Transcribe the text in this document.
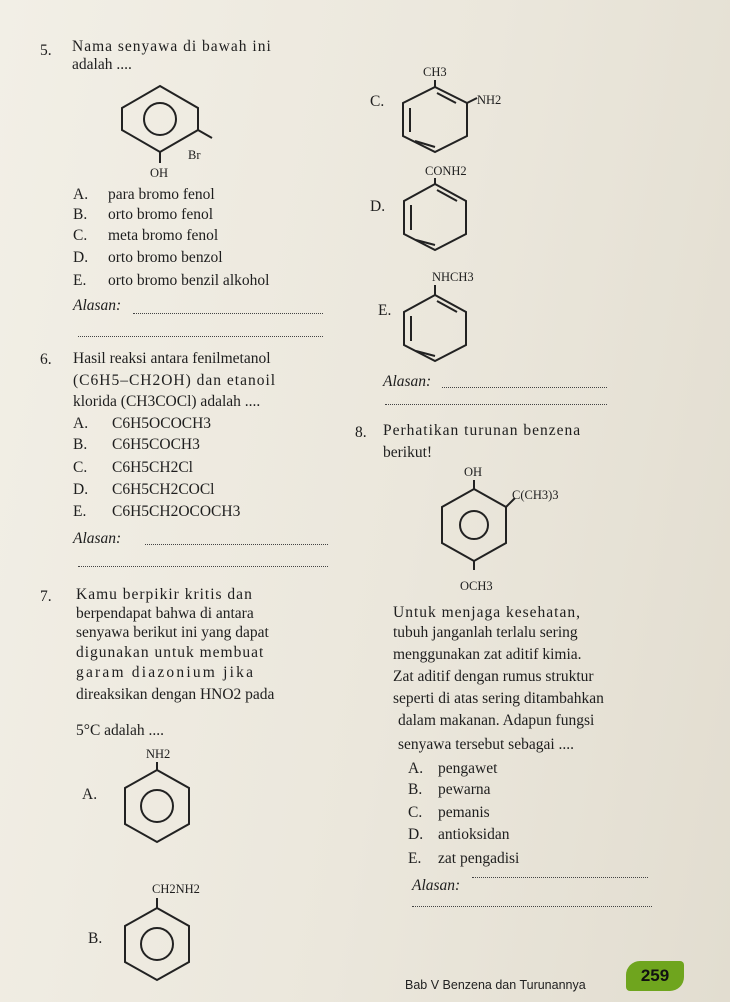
5. Nama senyawa di bawah ini
adalah ....
Br
OH
A. para bromo fenol
B. orto bromo fenol
C. meta bromo fenol
D. orto bromo benzol
E. orto bromo benzil alkohol
Alasan:
C.
CH3
NH2
D.
CONH2
E.
NHCH3
6. Hasil reaksi antara fenilmetanol
(C6H5–CH2OH) dan etanoil
klorida (CH3COCl) adalah ....
A. C6H5OCOCH3
B. C6H5COCH3
C. C6H5CH2Cl
D. C6H5CH2COCl
E. C6H5CH2OCOCH3
Alasan:
Alasan:
7. Kamu berpikir kritis dan
berpendapat bahwa di antara
senyawa berikut ini yang dapat
digunakan untuk membuat
garam diazonium jika
direaksikan dengan HNO2 pada
5°C adalah ....
NH2
A.
CH2NH2
B.
8. Perhatikan turunan benzena
berikut!
OH
C(CH3)3
OCH3
Untuk menjaga kesehatan,
tubuh janganlah terlalu sering
menggunakan zat aditif kimia.
Zat aditif dengan rumus struktur
seperti di atas sering ditambahkan
dalam makanan. Adapun fungsi
senyawa tersebut sebagai ....
A. pengawet
B. pewarna
C. pemanis
D. antioksidan
E. zat pengadisi
Alasan:
Bab V Benzena dan Turunannya	259
